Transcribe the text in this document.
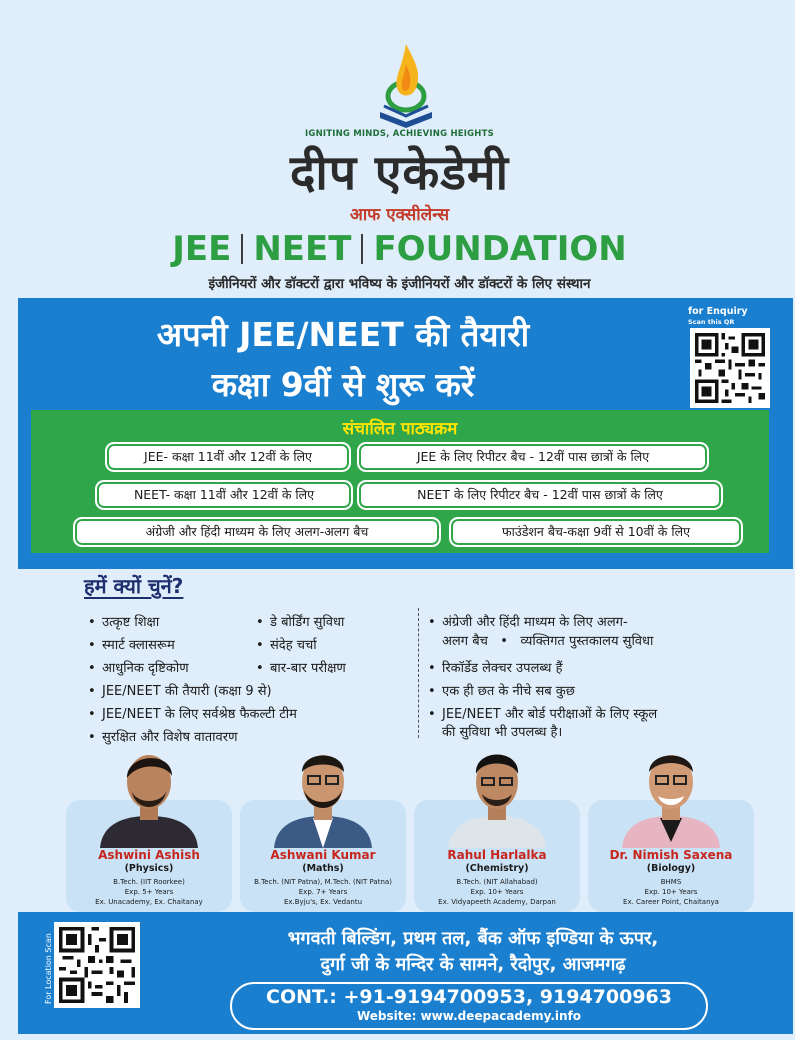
IGNITING MINDS, ACHIEVING HEIGHTS
दीप एकेडेमी
आफ एक्सीलेन्स
JEE NEET FOUNDATION
इंजीनियरों और डॉक्टरों द्वारा भविष्य के इंजीनियरों और डॉक्टरों के लिए संस्थान
अपनी JEE/NEET की तैयारी
कक्षा 9वीं से शुरू करें
for Enquiry
Scan this QR
संचालित पाठ्यक्रम
JEE- कक्षा 11वीं और 12वीं के लिए	JEE के लिए रिपीटर बैच - 12वीं पास छात्रों के लिए
NEET- कक्षा 11वीं और 12वीं के लिए	NEET के लिए रिपीटर बैच - 12वीं पास छात्रों के लिए
अंग्रेजी और हिंदी माध्यम के लिए अलग-अलग बैच	फाउंडेशन बैच-कक्षा 9वीं से 10वीं के लिए
हमें क्यों चुनें?
• उत्कृष्ट शिक्षा
• स्मार्ट क्लासरूम
• आधुनिक दृष्टिकोण
• डे बोर्डिंग सुविधा
• संदेह चर्चा
• बार-बार परीक्षण
• JEE/NEET की तैयारी (कक्षा 9 से)
• JEE/NEET के लिए सर्वश्रेष्ठ फैकल्टी टीम
• सुरक्षित और विशेष वातावरण
• अंग्रेजी और हिंदी माध्यम के लिए अलग-
अलग बैच   •   व्यक्तिगत पुस्तकालय सुविधा
• रिकॉर्डेड लेक्चर उपलब्ध हैं
• एक ही छत के नीचे सब कुछ
• JEE/NEET और बोर्ड परीक्षाओं के लिए स्कूल
की सुविधा भी उपलब्ध है।
Ashwini Ashish
(Physics)
B.Tech. (IIT Roorkee)
Exp. 5+ Years
Ex. Unacademy, Ex. Chaitanay
Ashwani Kumar
(Maths)
B.Tech. (NIT Patna), M.Tech. (NIT Patna)
Exp. 7+ Years
Ex.Byju's, Ex. Vedantu
Rahul Harlalka
(Chemistry)
B.Tech. (NIT Allahabad)
Exp. 10+ Years
Ex. Vidyapeeth Academy, Darpan
Dr. Nimish Saxena
(Biology)
BHMS
Exp. 10+ Years
Ex. Career Point, Chaitanya
For Location Scan	भगवती बिल्डिंग, प्रथम तल, बैंक ऑफ इण्डिया के ऊपर,
दुर्गा जी के मन्दिर के सामने, रैदोपुर, आजमगढ़
CONT.: +91-9194700953, 9194700963
Website: www.deepacademy.info
